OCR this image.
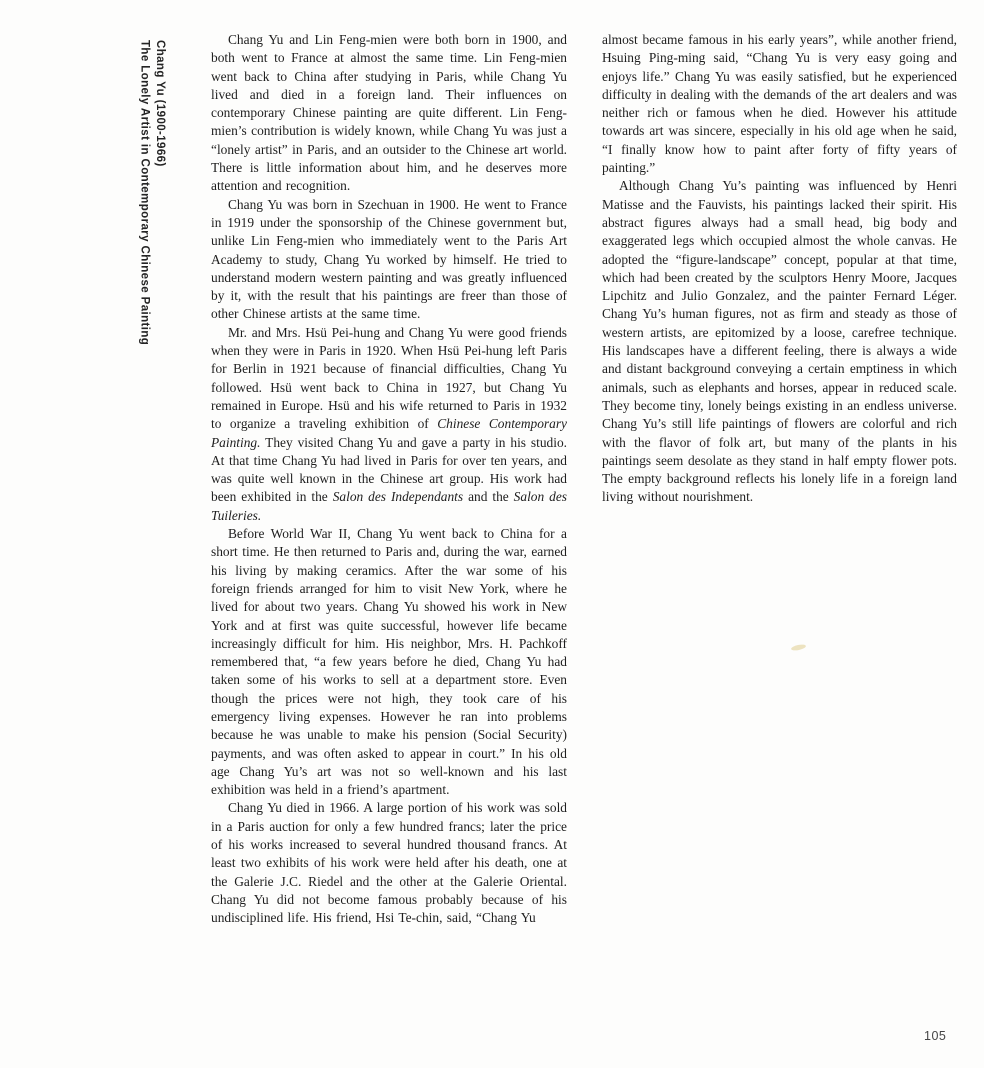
Chang Yu (1900-1966)
The Lonely Artist in Contemporary Chinese Painting

Chang Yu and Lin Feng-mien were both born in 1900, and both went to France at almost the same time. Lin Feng-mien went back to China after studying in Paris, while Chang Yu lived and died in a foreign land. Their influences on contemporary Chinese painting are quite different. Lin Feng-mien’s contribution is widely known, while Chang Yu was just a “lonely artist” in Paris, and an outsider to the Chinese art world. There is little information about him, and he deserves more attention and recognition.

Chang Yu was born in Szechuan in 1900. He went to France in 1919 under the sponsorship of the Chinese government but, unlike Lin Feng-mien who immediately went to the Paris Art Academy to study, Chang Yu worked by himself. He tried to understand modern western painting and was greatly influenced by it, with the result that his paintings are freer than those of other Chinese artists at the same time.

Mr. and Mrs. Hsü Pei-hung and Chang Yu were good friends when they were in Paris in 1920. When Hsü Pei-hung left Paris for Berlin in 1921 because of financial difficulties, Chang Yu followed. Hsü went back to China in 1927, but Chang Yu remained in Europe. Hsü and his wife returned to Paris in 1932 to organize a traveling exhibition of Chinese Contemporary Painting. They visited Chang Yu and gave a party in his studio. At that time Chang Yu had lived in Paris for over ten years, and was quite well known in the Chinese art group. His work had been exhibited in the Salon des Independants and the Salon des Tuileries.

Before World War II, Chang Yu went back to China for a short time. He then returned to Paris and, during the war, earned his living by making ceramics. After the war some of his foreign friends arranged for him to visit New York, where he lived for about two years. Chang Yu showed his work in New York and at first was quite successful, however life became increasingly difficult for him. His neighbor, Mrs. H. Pachkoff remembered that, “a few years before he died, Chang Yu had taken some of his works to sell at a department store. Even though the prices were not high, they took care of his emergency living expenses. However he ran into problems because he was unable to make his pension (Social Security) payments, and was often asked to appear in court.” In his old age Chang Yu’s art was not so well-known and his last exhibition was held in a friend’s apartment.

Chang Yu died in 1966. A large portion of his work was sold in a Paris auction for only a few hundred francs; later the price of his works increased to several hundred thousand francs. At least two exhibits of his work were held after his death, one at the Galerie J.C. Riedel and the other at the Galerie Oriental. Chang Yu did not become famous probably because of his undisciplined life. His friend, Hsi Te-chin, said, “Chang Yu

almost became famous in his early years”, while another friend, Hsuing Ping-ming said, “Chang Yu is very easy going and enjoys life.” Chang Yu was easily satisfied, but he experienced difficulty in dealing with the demands of the art dealers and was neither rich or famous when he died. However his attitude towards art was sincere, especially in his old age when he said, “I finally know how to paint after forty of fifty years of painting.”

Although Chang Yu’s painting was influenced by Henri Matisse and the Fauvists, his paintings lacked their spirit. His abstract figures always had a small head, big body and exaggerated legs which occupied almost the whole canvas. He adopted the “figure-landscape” concept, popular at that time, which had been created by the sculptors Henry Moore, Jacques Lipchitz and Julio Gonzalez, and the painter Fernard Léger. Chang Yu’s human figures, not as firm and steady as those of western artists, are epitomized by a loose, carefree technique. His landscapes have a different feeling, there is always a wide and distant background conveying a certain emptiness in which animals, such as elephants and horses, appear in reduced scale. They become tiny, lonely beings existing in an endless universe. Chang Yu’s still life paintings of flowers are colorful and rich with the flavor of folk art, but many of the plants in his paintings seem desolate as they stand in half empty flower pots. The empty background reflects his lonely life in a foreign land living without nourishment.

105
